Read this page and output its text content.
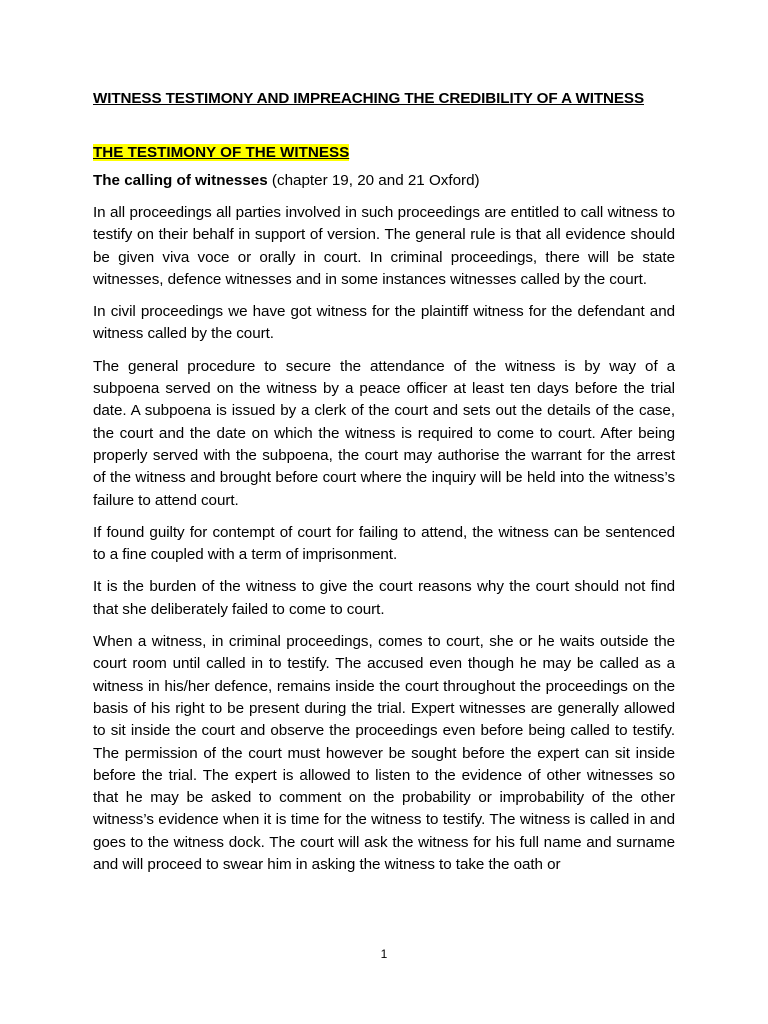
WITNESS TESTIMONY AND IMPREACHING THE CREDIBILITY OF A WITNESS
THE TESTIMONY OF THE WITNESS
The calling of witnesses (chapter 19, 20 and 21 Oxford)

In all proceedings all parties involved in such proceedings are entitled to call witness to testify on their behalf in support of version. The general rule is that all evidence should be given viva voce or orally in court. In criminal proceedings, there will be state witnesses, defence witnesses and in some instances witnesses called by the court.

In civil proceedings we have got witness for the plaintiff witness for the defendant and witness called by the court.

The general procedure to secure the attendance of the witness is by way of a subpoena served on the witness by a peace officer at least ten days before the trial date. A subpoena is issued by a clerk of the court and sets out the details of the case, the court and the date on which the witness is required to come to court. After being properly served with the subpoena, the court may authorise the warrant for the arrest of the witness and brought before court where the inquiry will be held into the witness’s failure to attend court.

If found guilty for contempt of court for failing to attend, the witness can be sentenced to a fine coupled with a term of imprisonment.

It is the burden of the witness to give the court reasons why the court should not find that she deliberately failed to come to court.

When a witness, in criminal proceedings, comes to court, she or he waits outside the court room until called in to testify. The accused even though he may be called as a witness in his/her defence, remains inside the court throughout the proceedings on the basis of his right to be present during the trial. Expert witnesses are generally allowed to sit inside the court and observe the proceedings even before being called to testify. The permission of the court must however be sought before the expert can sit inside before the trial. The expert is allowed to listen to the evidence of other witnesses so that he may be asked to comment on the probability or improbability of the other witness’s evidence when it is time for the witness to testify. The witness is called in and goes to the witness dock. The court will ask the witness for his full name and surname and will proceed to swear him in asking the witness to take the oath or

1
